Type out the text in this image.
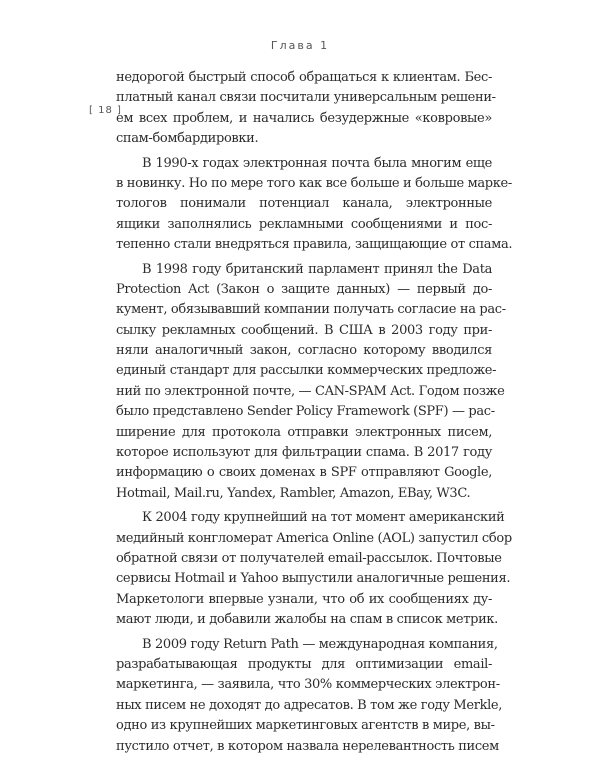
Глава 1
[ 18 ]
недорогой быстрый способ обращаться к клиентам. Бес-
платный канал связи посчитали универсальным решени-
ем всех проблем, и начались безудержные «ковровые»
спам-бомбардировки.
В 1990-х годах электронная почта была многим еще
в новинку. Но по мере того как все больше и больше марке-
тологов понимали потенциал канала, электронные
ящики заполнялись рекламными сообщениями и пос-
тепенно стали внедряться правила, защищающие от спама.
В 1998 году британский парламент принял the Data
Protection Act (Закон о защите данных) — первый до-
кумент, обязывавший компании получать согласие на рас-
сылку рекламных сообщений. В США в 2003 году при-
няли аналогичный закон, согласно которому вводился
единый стандарт для рассылки коммерческих предложе-
ний по электронной почте, — CAN-SPAM Act. Годом позже
было представлено Sender Policy Framework (SPF) — рас-
ширение для протокола отправки электронных писем,
которое используют для фильтрации спама. В 2017 году
информацию о своих доменах в SPF отправляют Google,
Hotmail, Mail.ru, Yandex, Rambler, Amazon, EBay, W3C.
К 2004 году крупнейший на тот момент американский
медийный конгломерат America Online (AOL) запустил сбор
обратной связи от получателей email-рассылок. Почтовые
сервисы Hotmail и Yahoo выпустили аналогичные решения.
Маркетологи впервые узнали, что об их сообщениях ду-
мают люди, и добавили жалобы на спам в список метрик.
В 2009 году Return Path — международная компания,
разрабатывающая продукты для оптимизации email-
маркетинга, — заявила, что 30% коммерческих электрон-
ных писем не доходят до адресатов. В том же году Merkle,
одно из крупнейших маркетинговых агентств в мире, вы-
пустило отчет, в котором назвала нерелевантность писем
